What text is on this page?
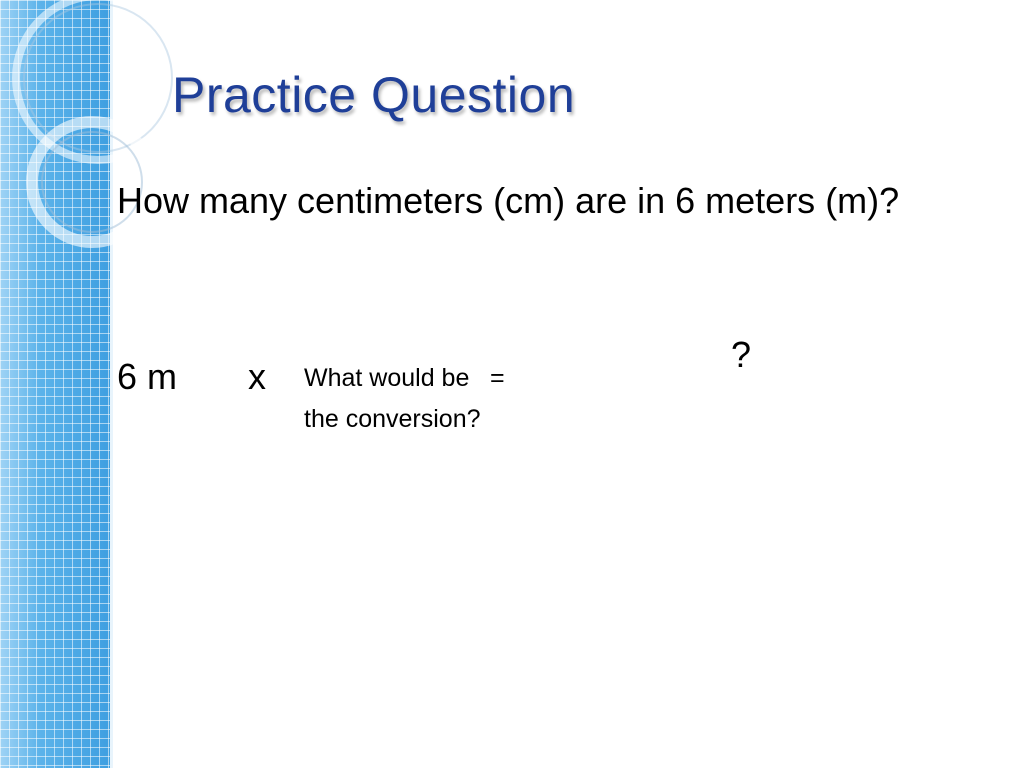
Practice Question

How many centimeters (cm) are in 6 meters (m)?

6 m x What would be the conversion?
=
?
